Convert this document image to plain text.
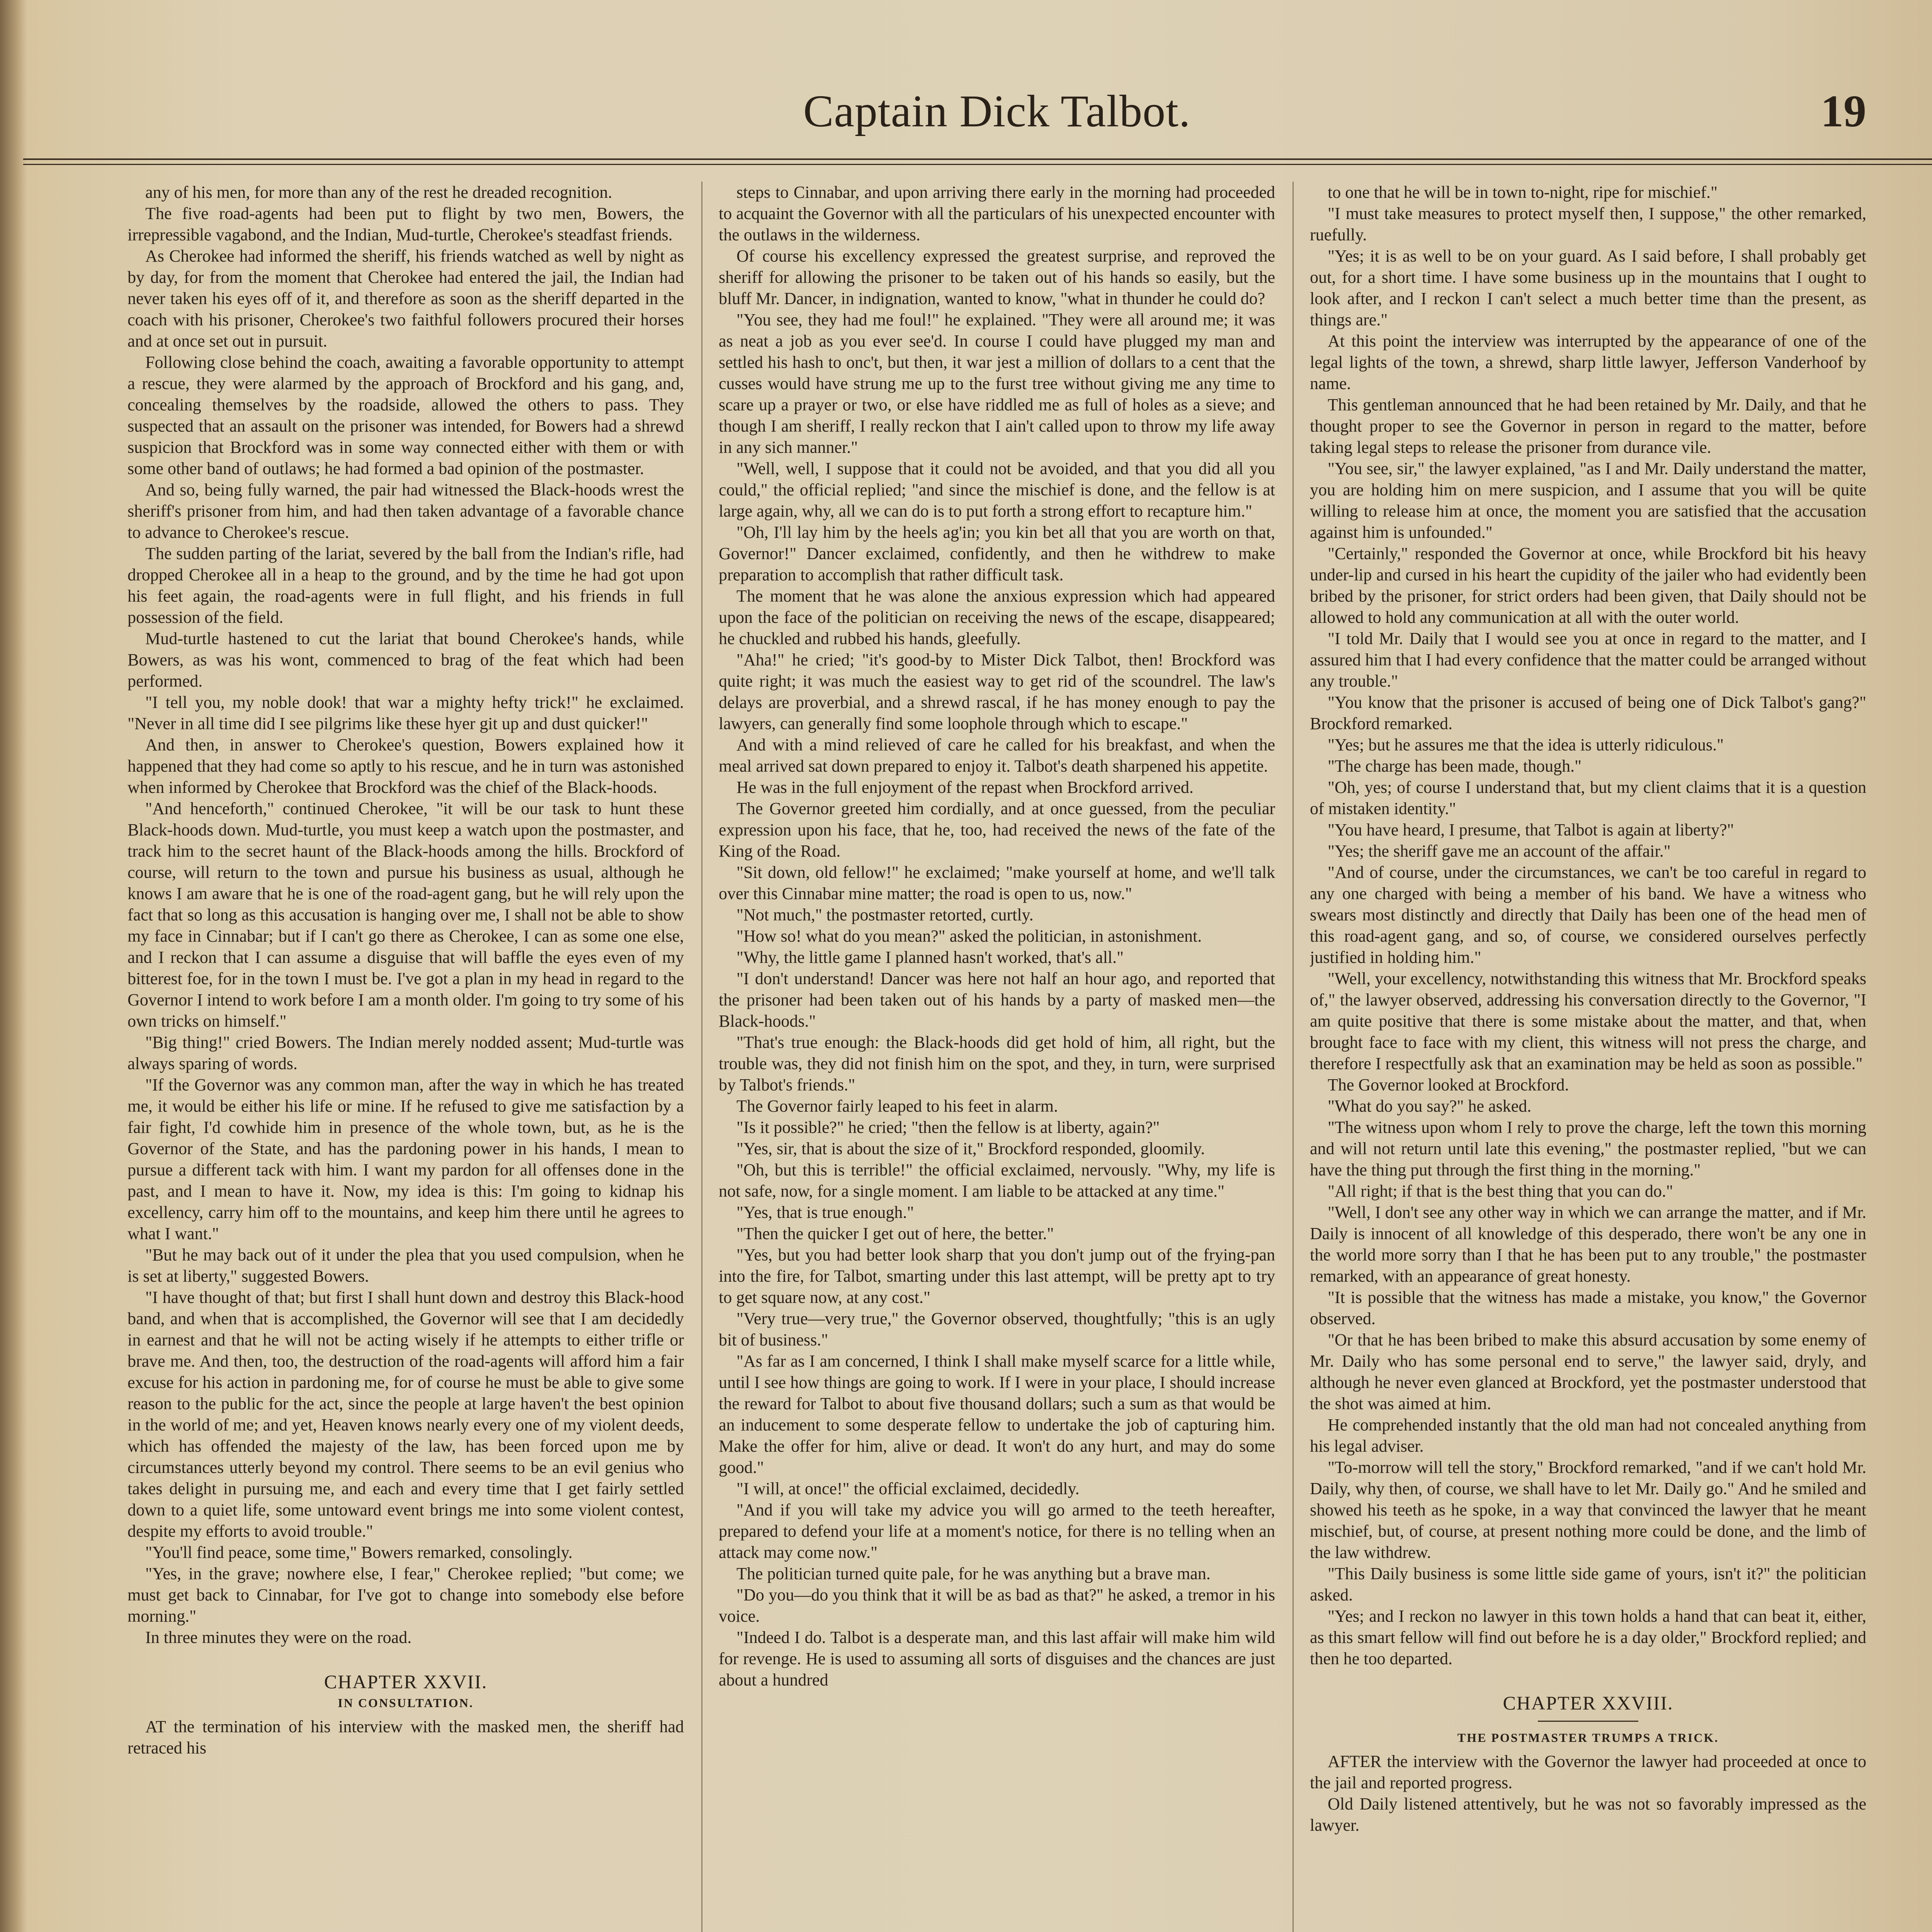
Captain Dick Talbot.	19

any of his men, for more than any of the rest he dreaded recognition.

The five road-agents had been put to flight by two men, Bowers, the irrepressible vagabond, and the Indian, Mud-turtle, Cherokee's steadfast friends.

As Cherokee had informed the sheriff, his friends watched as well by night as by day, for from the moment that Cherokee had entered the jail, the Indian had never taken his eyes off of it, and therefore as soon as the sheriff departed in the coach with his prisoner, Cherokee's two faithful followers procured their horses and at once set out in pursuit.

Following close behind the coach, awaiting a favorable opportunity to attempt a rescue, they were alarmed by the approach of Brockford and his gang, and, concealing themselves by the roadside, allowed the others to pass. They suspected that an assault on the prisoner was intended, for Bowers had a shrewd suspicion that Brockford was in some way connected either with them or with some other band of outlaws; he had formed a bad opinion of the postmaster.

And so, being fully warned, the pair had witnessed the Black-hoods wrest the sheriff's prisoner from him, and had then taken advantage of a favorable chance to advance to Cherokee's rescue.

The sudden parting of the lariat, severed by the ball from the Indian's rifle, had dropped Cherokee all in a heap to the ground, and by the time he had got upon his feet again, the road-agents were in full flight, and his friends in full possession of the field.

Mud-turtle hastened to cut the lariat that bound Cherokee's hands, while Bowers, as was his wont, commenced to brag of the feat which had been performed.

"I tell you, my noble dook! that war a mighty hefty trick!" he exclaimed. "Never in all time did I see pilgrims like these hyer git up and dust quicker!"

And then, in answer to Cherokee's question, Bowers explained how it happened that they had come so aptly to his rescue, and he in turn was astonished when informed by Cherokee that Brockford was the chief of the Black-hoods.

"And henceforth," continued Cherokee, "it will be our task to hunt these Black-hoods down. Mud-turtle, you must keep a watch upon the postmaster, and track him to the secret haunt of the Black-hoods among the hills. Brockford of course, will return to the town and pursue his business as usual, although he knows I am aware that he is one of the road-agent gang, but he will rely upon the fact that so long as this accusation is hanging over me, I shall not be able to show my face in Cinnabar; but if I can't go there as Cherokee, I can as some one else, and I reckon that I can assume a disguise that will baffle the eyes even of my bitterest foe, for in the town I must be. I've got a plan in my head in regard to the Governor I intend to work before I am a month older. I'm going to try some of his own tricks on himself."

"Big thing!" cried Bowers. The Indian merely nodded assent; Mud-turtle was always sparing of words.

"If the Governor was any common man, after the way in which he has treated me, it would be either his life or mine. If he refused to give me satisfaction by a fair fight, I'd cowhide him in presence of the whole town, but, as he is the Governor of the State, and has the pardoning power in his hands, I mean to pursue a different tack with him. I want my pardon for all offenses done in the past, and I mean to have it. Now, my idea is this: I'm going to kidnap his excellency, carry him off to the mountains, and keep him there until he agrees to what I want."

"But he may back out of it under the plea that you used compulsion, when he is set at liberty," suggested Bowers.

"I have thought of that; but first I shall hunt down and destroy this Black-hood band, and when that is accomplished, the Governor will see that I am decidedly in earnest and that he will not be acting wisely if he attempts to either trifle or brave me. And then, too, the destruction of the road-agents will afford him a fair excuse for his action in pardoning me, for of course he must be able to give some reason to the public for the act, since the people at large haven't the best opinion in the world of me; and yet, Heaven knows nearly every one of my violent deeds, which has offended the majesty of the law, has been forced upon me by circumstances utterly beyond my control. There seems to be an evil genius who takes delight in pursuing me, and each and every time that I get fairly settled down to a quiet life, some untoward event brings me into some violent contest, despite my efforts to avoid trouble."

"You'll find peace, some time," Bowers remarked, consolingly.

"Yes, in the grave; nowhere else, I fear," Cherokee replied; "but come; we must get back to Cinnabar, for I've got to change into somebody else before morning."

In three minutes they were on the road.

CHAPTER XXVII.
IN CONSULTATION.

AT the termination of his interview with the masked men, the sheriff had retraced his

steps to Cinnabar, and upon arriving there early in the morning had proceeded to acquaint the Governor with all the particulars of his unexpected encounter with the outlaws in the wilderness.

Of course his excellency expressed the greatest surprise, and reproved the sheriff for allowing the prisoner to be taken out of his hands so easily, but the bluff Mr. Dancer, in indignation, wanted to know, "what in thunder he could do?

"You see, they had me foul!" he explained. "They were all around me; it was as neat a job as you ever see'd. In course I could have plugged my man and settled his hash to onc't, but then, it war jest a million of dollars to a cent that the cusses would have strung me up to the furst tree without giving me any time to scare up a prayer or two, or else have riddled me as full of holes as a sieve; and though I am sheriff, I really reckon that I ain't called upon to throw my life away in any sich manner."

"Well, well, I suppose that it could not be avoided, and that you did all you could," the official replied; "and since the mischief is done, and the fellow is at large again, why, all we can do is to put forth a strong effort to recapture him."

"Oh, I'll lay him by the heels ag'in; you kin bet all that you are worth on that, Governor!" Dancer exclaimed, confidently, and then he withdrew to make preparation to accomplish that rather difficult task.

The moment that he was alone the anxious expression which had appeared upon the face of the politician on receiving the news of the escape, disappeared; he chuckled and rubbed his hands, gleefully.

"Aha!" he cried; "it's good-by to Mister Dick Talbot, then! Brockford was quite right; it was much the easiest way to get rid of the scoundrel. The law's delays are proverbial, and a shrewd rascal, if he has money enough to pay the lawyers, can generally find some loophole through which to escape."

And with a mind relieved of care he called for his breakfast, and when the meal arrived sat down prepared to enjoy it. Talbot's death sharpened his appetite.

He was in the full enjoyment of the repast when Brockford arrived.

The Governor greeted him cordially, and at once guessed, from the peculiar expression upon his face, that he, too, had received the news of the fate of the King of the Road.

"Sit down, old fellow!" he exclaimed; "make yourself at home, and we'll talk over this Cinnabar mine matter; the road is open to us, now."

"Not much," the postmaster retorted, curtly.

"How so! what do you mean?" asked the politician, in astonishment.

"Why, the little game I planned hasn't worked, that's all."

"I don't understand! Dancer was here not half an hour ago, and reported that the prisoner had been taken out of his hands by a party of masked men—the Black-hoods."

"That's true enough: the Black-hoods did get hold of him, all right, but the trouble was, they did not finish him on the spot, and they, in turn, were surprised by Talbot's friends."

The Governor fairly leaped to his feet in alarm.

"Is it possible?" he cried; "then the fellow is at liberty, again?"

"Yes, sir, that is about the size of it," Brockford responded, gloomily.

"Oh, but this is terrible!" the official exclaimed, nervously. "Why, my life is not safe, now, for a single moment. I am liable to be attacked at any time."

"Yes, that is true enough."

"Then the quicker I get out of here, the better."

"Yes, but you had better look sharp that you don't jump out of the frying-pan into the fire, for Talbot, smarting under this last attempt, will be pretty apt to try to get square now, at any cost."

"Very true—very true," the Governor observed, thoughtfully; "this is an ugly bit of business."

"As far as I am concerned, I think I shall make myself scarce for a little while, until I see how things are going to work. If I were in your place, I should increase the reward for Talbot to about five thousand dollars; such a sum as that would be an inducement to some desperate fellow to undertake the job of capturing him. Make the offer for him, alive or dead. It won't do any hurt, and may do some good."

"I will, at once!" the official exclaimed, decidedly.

"And if you will take my advice you will go armed to the teeth hereafter, prepared to defend your life at a moment's notice, for there is no telling when an attack may come now."

The politician turned quite pale, for he was anything but a brave man.

"Do you—do you think that it will be as bad as that?" he asked, a tremor in his voice.

"Indeed I do. Talbot is a desperate man, and this last affair will make him wild for revenge. He is used to assuming all sorts of disguises and the chances are just about a hundred

to one that he will be in town to-night, ripe for mischief."

"I must take measures to protect myself then, I suppose," the other remarked, ruefully.

"Yes; it is as well to be on your guard. As I said before, I shall probably get out, for a short time. I have some business up in the mountains that I ought to look after, and I reckon I can't select a much better time than the present, as things are."

At this point the interview was interrupted by the appearance of one of the legal lights of the town, a shrewd, sharp little lawyer, Jefferson Vanderhoof by name.

This gentleman announced that he had been retained by Mr. Daily, and that he thought proper to see the Governor in person in regard to the matter, before taking legal steps to release the prisoner from durance vile.

"You see, sir," the lawyer explained, "as I and Mr. Daily understand the matter, you are holding him on mere suspicion, and I assume that you will be quite willing to release him at once, the moment you are satisfied that the accusation against him is unfounded."

"Certainly," responded the Governor at once, while Brockford bit his heavy under-lip and cursed in his heart the cupidity of the jailer who had evidently been bribed by the prisoner, for strict orders had been given, that Daily should not be allowed to hold any communication at all with the outer world.

"I told Mr. Daily that I would see you at once in regard to the matter, and I assured him that I had every confidence that the matter could be arranged without any trouble."

"You know that the prisoner is accused of being one of Dick Talbot's gang?" Brockford remarked.

"Yes; but he assures me that the idea is utterly ridiculous."

"The charge has been made, though."

"Oh, yes; of course I understand that, but my client claims that it is a question of mistaken identity."

"You have heard, I presume, that Talbot is again at liberty?"

"Yes; the sheriff gave me an account of the affair."

"And of course, under the circumstances, we can't be too careful in regard to any one charged with being a member of his band. We have a witness who swears most distinctly and directly that Daily has been one of the head men of this road-agent gang, and so, of course, we considered ourselves perfectly justified in holding him."

"Well, your excellency, notwithstanding this witness that Mr. Brockford speaks of," the lawyer observed, addressing his conversation directly to the Governor, "I am quite positive that there is some mistake about the matter, and that, when brought face to face with my client, this witness will not press the charge, and therefore I respectfully ask that an examination may be held as soon as possible."

The Governor looked at Brockford.

"What do you say?" he asked.

"The witness upon whom I rely to prove the charge, left the town this morning and will not return until late this evening," the postmaster replied, "but we can have the thing put through the first thing in the morning."

"All right; if that is the best thing that you can do."

"Well, I don't see any other way in which we can arrange the matter, and if Mr. Daily is innocent of all knowledge of this desperado, there won't be any one in the world more sorry than I that he has been put to any trouble," the postmaster remarked, with an appearance of great honesty.

"It is possible that the witness has made a mistake, you know," the Governor observed.

"Or that he has been bribed to make this absurd accusation by some enemy of Mr. Daily who has some personal end to serve," the lawyer said, dryly, and although he never even glanced at Brockford, yet the postmaster understood that the shot was aimed at him.

He comprehended instantly that the old man had not concealed anything from his legal adviser.

"To-morrow will tell the story," Brockford remarked, "and if we can't hold Mr. Daily, why then, of course, we shall have to let Mr. Daily go." And he smiled and showed his teeth as he spoke, in a way that convinced the lawyer that he meant mischief, but, of course, at present nothing more could be done, and the limb of the law withdrew.

"This Daily business is some little side game of yours, isn't it?" the politician asked.

"Yes; and I reckon no lawyer in this town holds a hand that can beat it, either, as this smart fellow will find out before he is a day older," Brockford replied; and then he too departed.

CHAPTER XXVIII.
THE POSTMASTER TRUMPS A TRICK.

AFTER the interview with the Governor the lawyer had proceeded at once to the jail and reported progress.

Old Daily listened attentively, but he was not so favorably impressed as the lawyer.
